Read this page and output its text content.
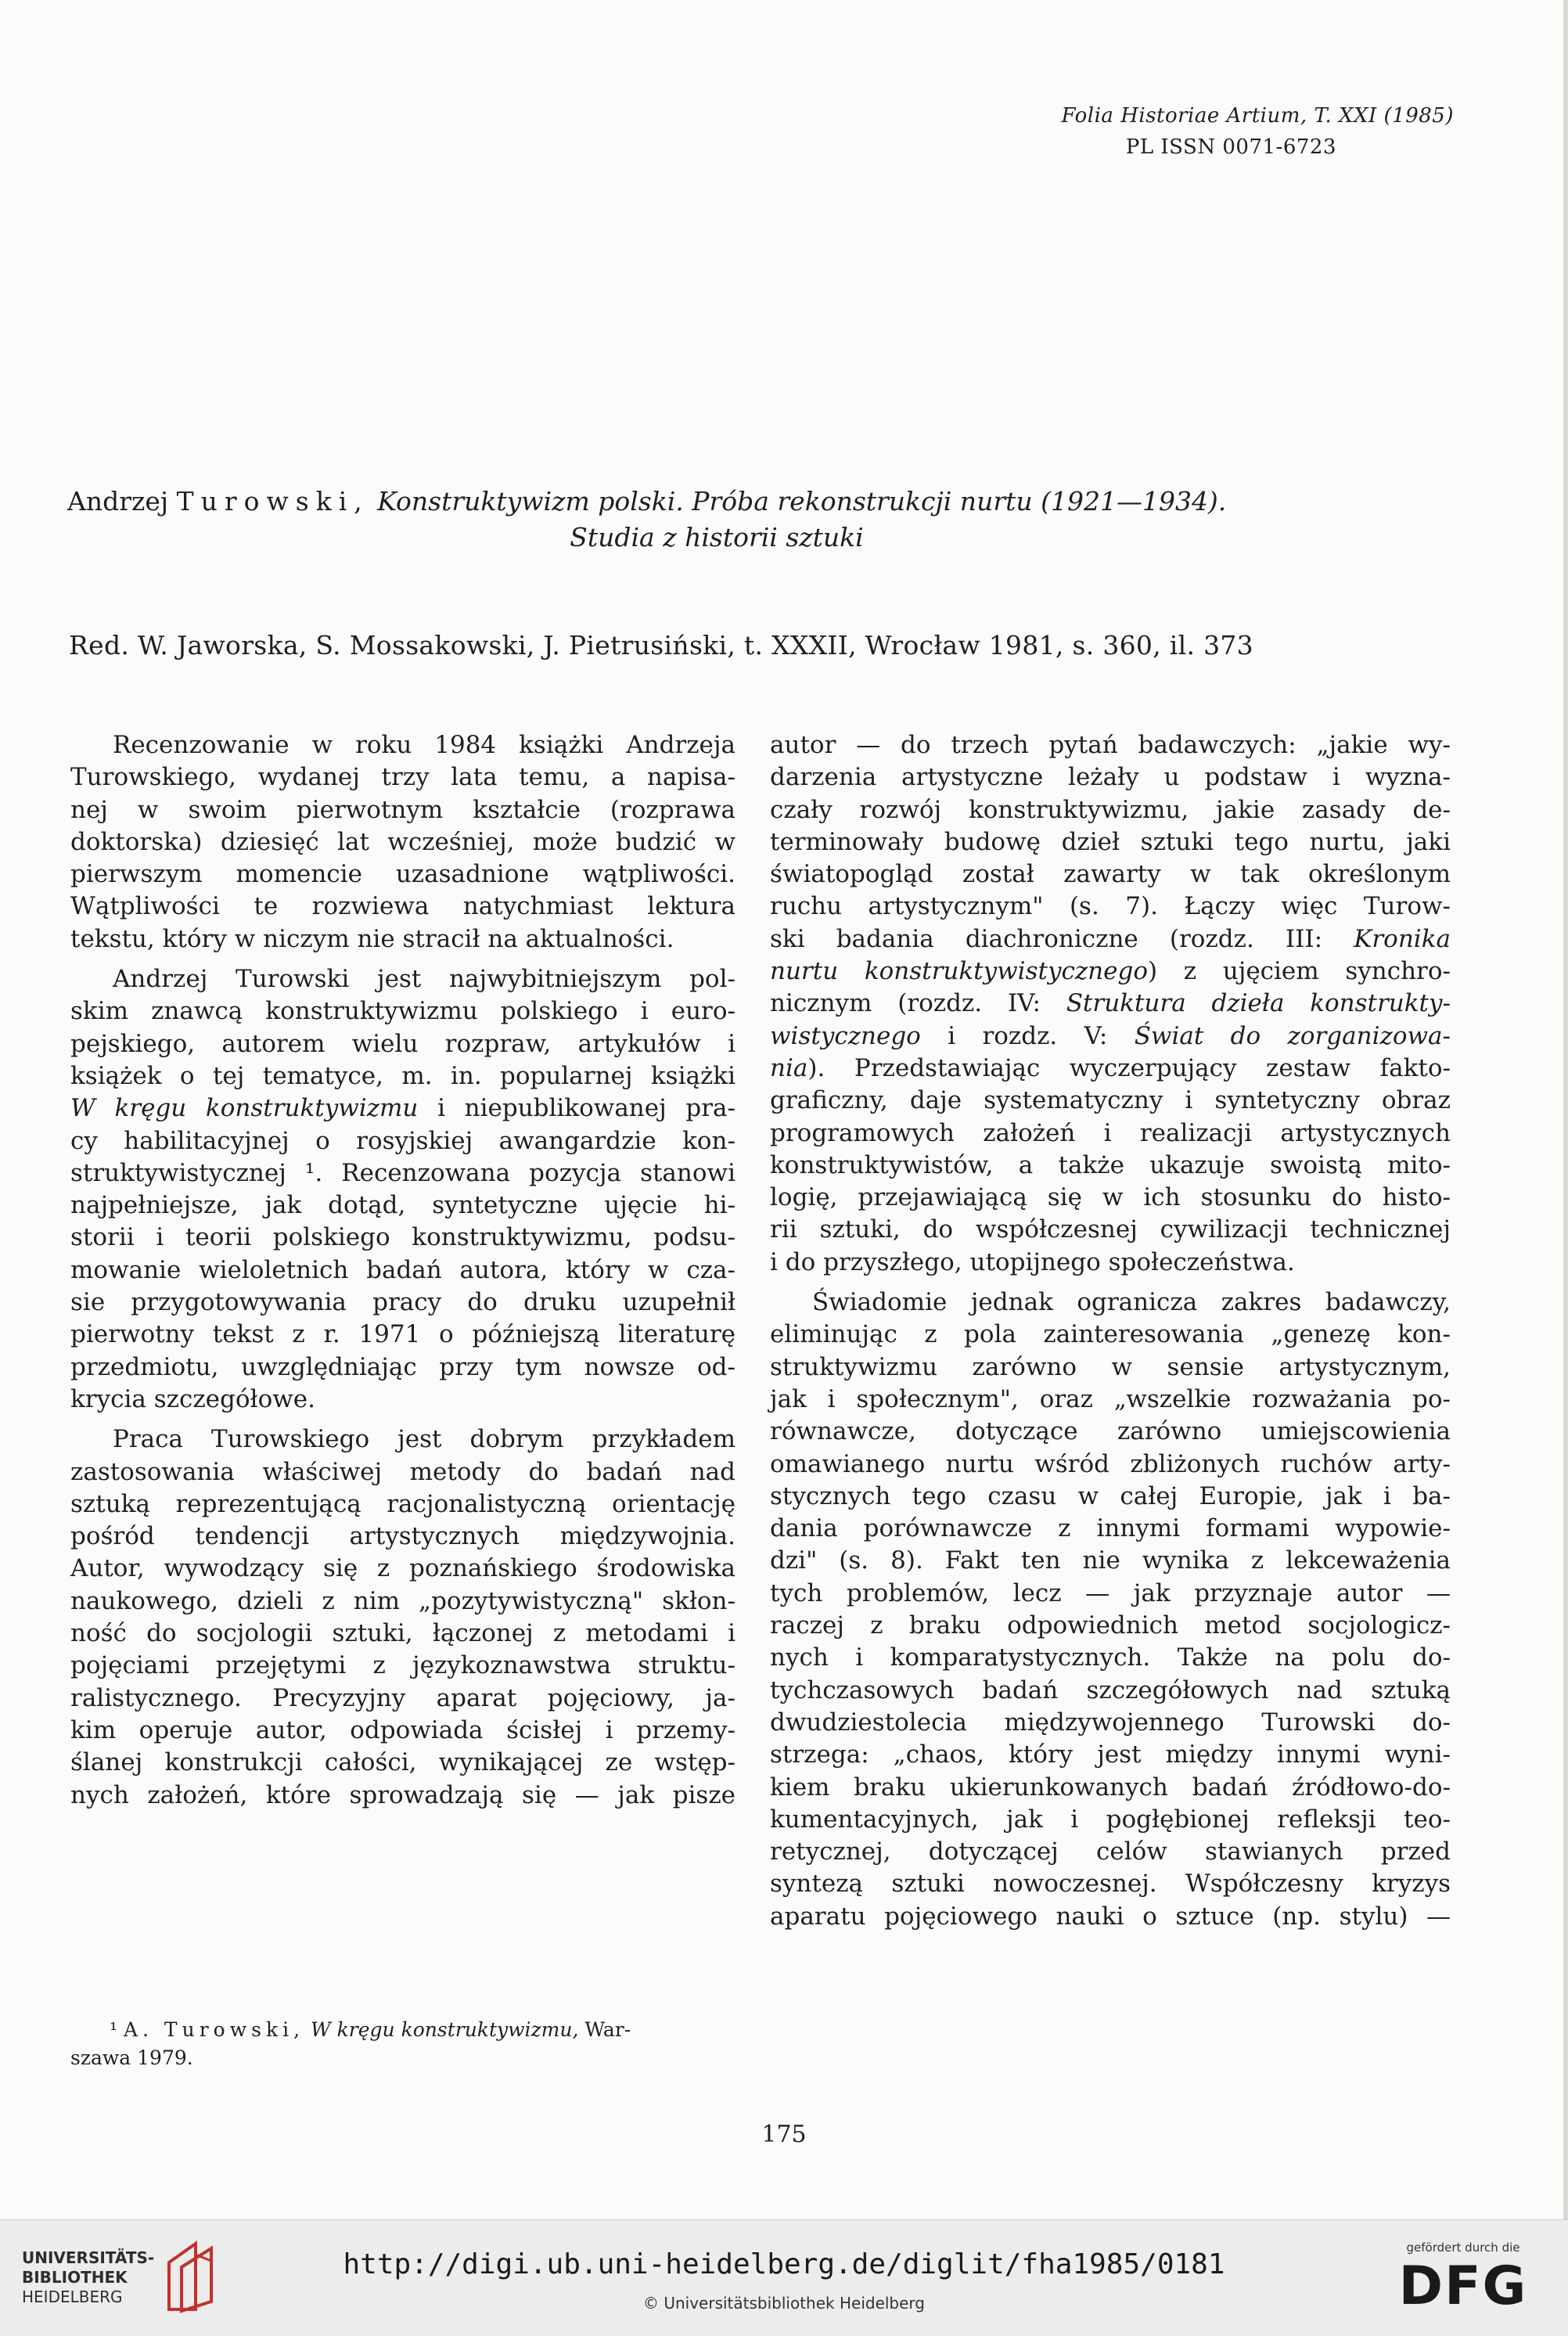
Folia Historiae Artium, T. XXI (1985)
PL ISSN 0071-6723
Andrzej Turowski, Konstruktywizm polski. Próba rekonstrukcji nurtu (1921—1934).
Studia z historii sztuki
Red. W. Jaworska, S. Mossakowski, J. Pietrusiński, t. XXXII, Wrocław 1981, s. 360, il. 373

Recenzowanie w roku 1984 książki Andrzeja
Turowskiego, wydanej trzy lata temu, a napisa-
nej w swoim pierwotnym kształcie (rozprawa
doktorska) dziesięć lat wcześniej, może budzić w
pierwszym momencie uzasadnione wątpliwości.
Wątpliwości te rozwiewa natychmiast lektura
tekstu, który w niczym nie stracił na aktualności.

Andrzej Turowski jest najwybitniejszym pol-
skim znawcą konstruktywizmu polskiego i euro-
pejskiego, autorem wielu rozpraw, artykułów i
książek o tej tematyce, m. in. popularnej książki
W kręgu konstruktywizmu i niepublikowanej pra-
cy habilitacyjnej o rosyjskiej awangardzie kon-
struktywistycznej ¹. Recenzowana pozycja stanowi
najpełniejsze, jak dotąd, syntetyczne ujęcie hi-
storii i teorii polskiego konstruktywizmu, podsu-
mowanie wieloletnich badań autora, który w cza-
sie przygotowywania pracy do druku uzupełnił
pierwotny tekst z r. 1971 o późniejszą literaturę
przedmiotu, uwzględniając przy tym nowsze od-
krycia szczegółowe.

Praca Turowskiego jest dobrym przykładem
zastosowania właściwej metody do badań nad
sztuką reprezentującą racjonalistyczną orientację
pośród tendencji artystycznych międzywojnia.
Autor, wywodzący się z poznańskiego środowiska
naukowego, dzieli z nim „pozytywistyczną" skłon-
ność do socjologii sztuki, łączonej z metodami i
pojęciami przejętymi z językoznawstwa struktu-
ralistycznego. Precyzyjny aparat pojęciowy, ja-
kim operuje autor, odpowiada ścisłej i przemy-
ślanej konstrukcji całości, wynikającej ze wstęp-
nych założeń, które sprowadzają się — jak pisze

autor — do trzech pytań badawczych: „jakie wy-
darzenia artystyczne leżały u podstaw i wyzna-
czały rozwój konstruktywizmu, jakie zasady de-
terminowały budowę dzieł sztuki tego nurtu, jaki
światopogląd został zawarty w tak określonym
ruchu artystycznym" (s. 7). Łączy więc Turow-
ski badania diachroniczne (rozdz. III: Kronika
nurtu konstruktywistycznego) z ujęciem synchro-
nicznym (rozdz. IV: Struktura dzieła konstrukty-
wistycznego i rozdz. V: Świat do zorganizowa-
nia). Przedstawiając wyczerpujący zestaw fakto-
graficzny, daje systematyczny i syntetyczny obraz
programowych założeń i realizacji artystycznych
konstruktywistów, a także ukazuje swoistą mito-
logię, przejawiającą się w ich stosunku do histo-
rii sztuki, do współczesnej cywilizacji technicznej
i do przyszłego, utopijnego społeczeństwa.

Świadomie jednak ogranicza zakres badawczy,
eliminując z pola zainteresowania „genezę kon-
struktywizmu zarówno w sensie artystycznym,
jak i społecznym", oraz „wszelkie rozważania po-
równawcze, dotyczące zarówno umiejscowienia
omawianego nurtu wśród zbliżonych ruchów arty-
stycznych tego czasu w całej Europie, jak i ba-
dania porównawcze z innymi formami wypowie-
dzi" (s. 8). Fakt ten nie wynika z lekceważenia
tych problemów, lecz — jak przyznaje autor —
raczej z braku odpowiednich metod socjologicz-
nych i komparatystycznych. Także na polu do-
tychczasowych badań szczegółowych nad sztuką
dwudziestolecia międzywojennego Turowski do-
strzega: „chaos, który jest między innymi wyni-
kiem braku ukierunkowanych badań źródłowo-do-
kumentacyjnych, jak i pogłębionej refleksji teo-
retycznej, dotyczącej celów stawianych przed
syntezą sztuki nowoczesnej. Współczesny kryzys
aparatu pojęciowego nauki o sztuce (np. stylu) —

¹ A. Turowski, W kręgu konstruktywizmu, War-
szawa 1979.
175
UNIVERSITÄTS-
BIBLIOTHEK
HEIDELBERG
http://digi.ub.uni-heidelberg.de/diglit/fha1985/0181
© Universitätsbibliothek Heidelberg
gefördert durch die
DFG
